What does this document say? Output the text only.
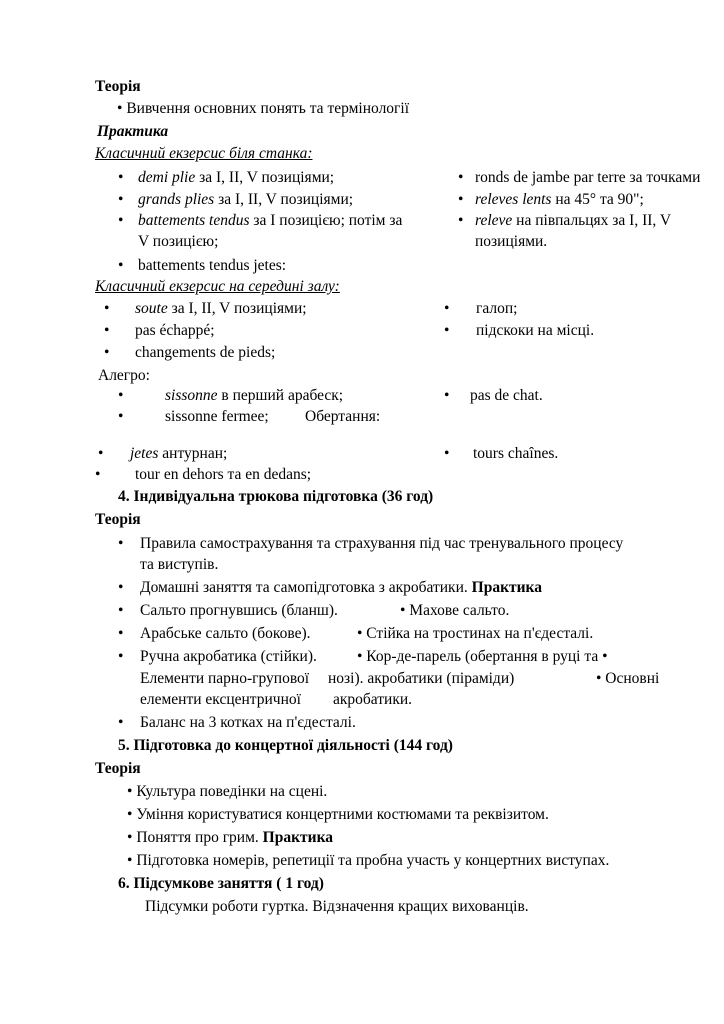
Теорія
• Вивчення основних понять та термінології
Практика
Класичний екзерсис біля станка:
• demi plie за I, II, V позиціями;
• grands plies за I, II, V позиціями;
• battements tendus за I позицією; потім за
V позицією;
• battements tendus jetes:
• ronds de jambe par terre за точками
• releves lents на 45° та 90";
• releve на півпальцях за I, II, V
позиціями.
Класичний екзерсис на середині залу:
• soute за I, II, V позиціями;
• pas échappé;
• changements de pieds;
• галоп;
• підскоки на місці.
Алегро:
•	sissonne в перший арабеск;
•	sissonne fermee; Обертання:
• pas de chat.
• jetes антурнан;	• tours chaînes.
• tour en dehors та en dedans;
4. Індивідуальна трюкова підготовка (36 год)
Теорія
• Правила самострахування та страхування під час тренувального процесу
та виступів.
• Домашні заняття та самопідготовка з акробатики. Практика
• Сальто прогнувшись (бланш).	• Махове сальто.
• Арабське сальто (бокове).	• Стійка на тростинах на п'єдесталі.
• Ручна акробатика (стійки).	• Кор-де-парель (обертання в руці та •
Елементи парно-групової нозі). акробатики (піраміди)	• Основні
елементи ексцентричної акробатики.
• Баланс на 3 котках на п'єдесталі.
5. Підготовка до концертної діяльності (144 год)
Теорія
• Культура поведінки на сцені.
• Уміння користуватися концертними костюмами та реквізитом.
• Поняття про грим. Практика
• Підготовка номерів, репетиції та пробна участь у концертних виступах.
6. Підсумкове заняття ( 1 год)
Підсумки роботи гуртка. Відзначення кращих вихованців.
